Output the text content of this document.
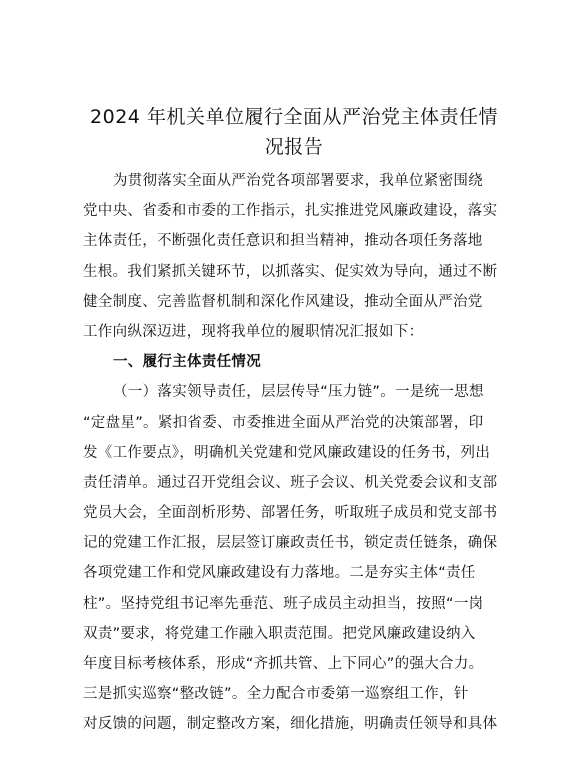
2024 年机关单位履行全面从严治党主体责任情
况报告
为贯彻落实全面从严治党各项部署要求，我单位紧密围绕
党中央、省委和市委的工作指示，扎实推进党风廉政建设，落实
主体责任，不断强化责任意识和担当精神，推动各项任务落地
生根。我们紧抓关键环节，以抓落实、促实效为导向，通过不断
健全制度、完善监督机制和深化作风建设，推动全面从严治党
工作向纵深迈进，现将我单位的履职情况汇报如下：
一、履行主体责任情况
（一）落实领导责任，层层传导“压力链”。一是统一思想
“定盘星”。紧扣省委、市委推进全面从严治党的决策部署，印
发《工作要点》，明确机关党建和党风廉政建设的任务书，列出
责任清单。通过召开党组会议、班子会议、机关党委会议和支部
党员大会，全面剖析形势、部署任务，听取班子成员和党支部书
记的党建工作汇报，层层签订廉政责任书，锁定责任链条，确保
各项党建工作和党风廉政建设有力落地。二是夯实主体“责任
柱”。坚持党组书记率先垂范、班子成员主动担当，按照“一岗
双责”要求，将党建工作融入职责范围。把党风廉政建设纳入
年度目标考核体系，形成“齐抓共管、上下同心”的强大合力。
三是抓实巡察“整改链”。全力配合市委第一巡察组工作，针
对反馈的问题，制定整改方案，细化措施，明确责任领导和具体
